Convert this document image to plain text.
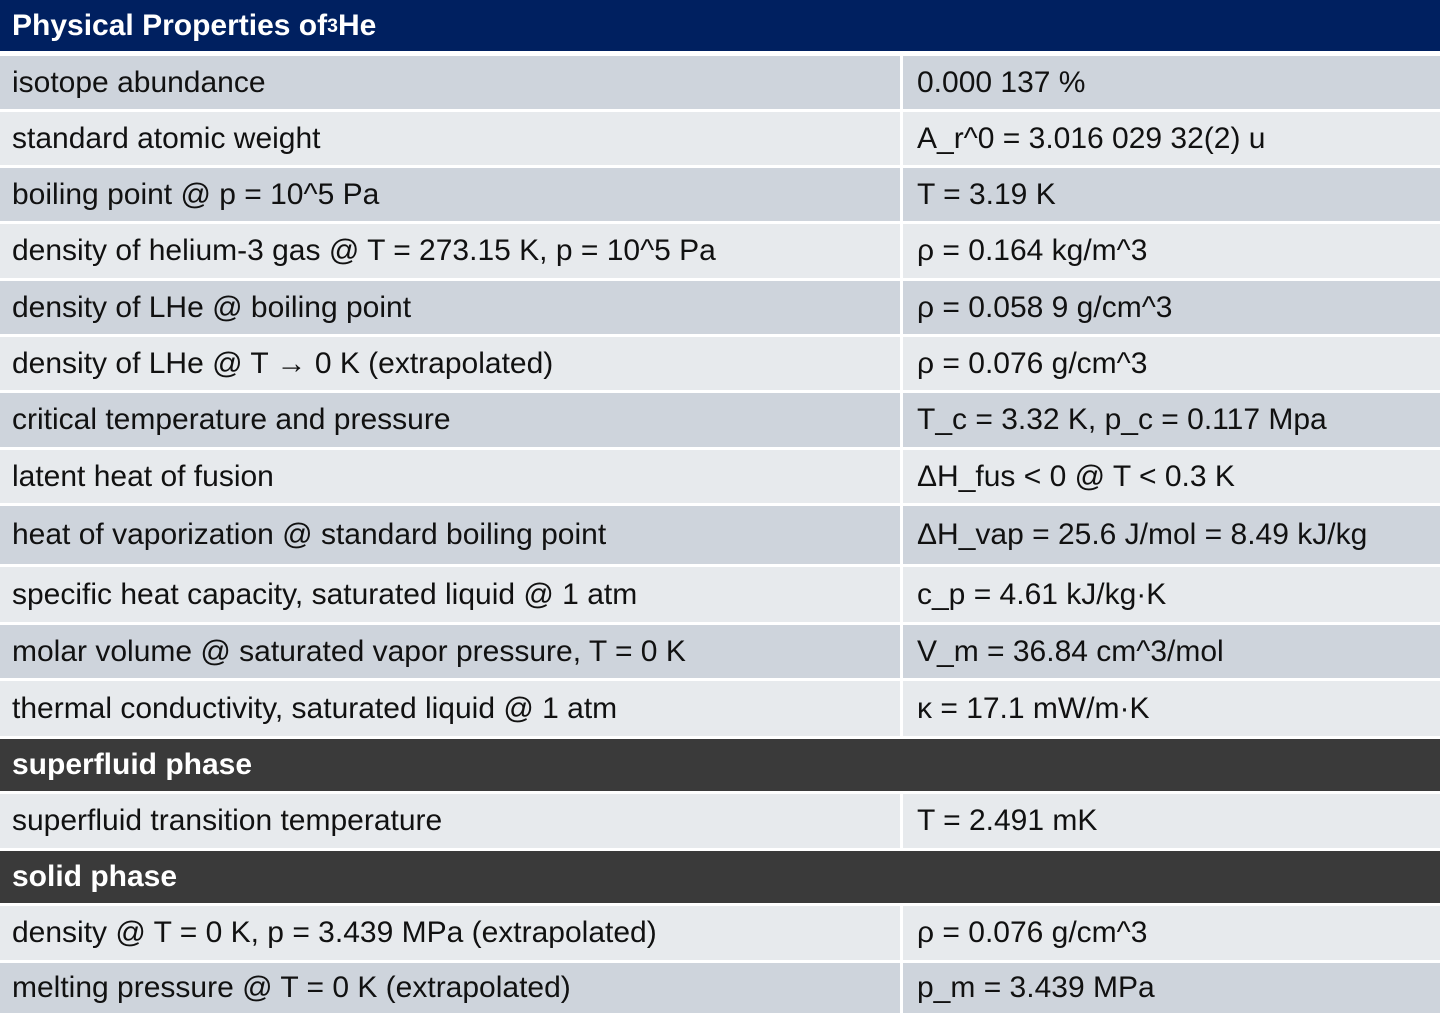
Physical Properties of 3 He
isotope abundance	0.000 137 %
standard atomic weight	A_r^0 = 3.016 029 32(2) u
boiling point @ p = 10^5 Pa	T = 3.19 K
density of helium-3 gas @ T = 273.15 K, p = 10^5 Pa	ρ = 0.164 kg/m^3
density of LHe @ boiling point	ρ = 0.058 9 g/cm^3
density of LHe @ T → 0 K (extrapolated)	ρ = 0.076 g/cm^3
critical temperature and pressure	T_c = 3.32 K, p_c = 0.117 Mpa
latent heat of fusion	ΔH_fus < 0 @ T < 0.3 K
heat of vaporization @ standard boiling point	ΔH_vap = 25.6 J/mol = 8.49 kJ/kg
specific heat capacity, saturated liquid @ 1 atm	c_p = 4.61 kJ/kg·K
molar volume @ saturated vapor pressure, T = 0 K	V_m = 36.84 cm^3/mol
thermal conductivity, saturated liquid @ 1 atm	κ = 17.1 mW/m·K
superfluid phase
superfluid transition temperature	T = 2.491 mK
solid phase
density @ T = 0 K, p = 3.439 MPa (extrapolated)	ρ = 0.076 g/cm^3
melting pressure @ T = 0 K (extrapolated)	p_m = 3.439 MPa
